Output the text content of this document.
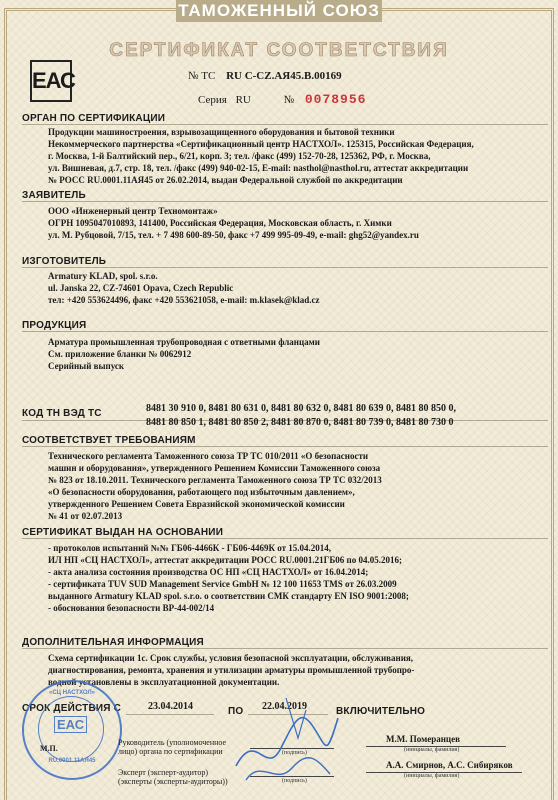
ТАМОЖЕННЫЙ СОЮЗ
СЕРТИФИКАТ СООТВЕТСТВИЯ
ЕАС	№ ТС RU C-CZ.АЯ45.В.00169
Серия RU	№ 0078956
ОРГАН ПО СЕРТИФИКАЦИИ
Продукции машиностроения, взрывозащищенного оборудования и бытовой техники
Некоммерческого партнерства «Сертификационный центр НАСТХОЛ». 125315, Российская Федерация,
г. Москва, 1-й Балтийский пер., 6/21, корп. 3; тел. /факс (499) 152-70-28, 125362, РФ, г. Москва,
ул. Вишневая, д.7, стр. 18, тел. /факс (499) 940-02-15, E-mail: nasthol@nasthol.ru, аттестат аккредитации
№ РОСС RU.0001.11АЯ45 от 26.02.2014, выдан Федеральной службой по аккредитации
ЗАЯВИТЕЛЬ
ООО «Инженерный центр Техномонтаж»
ОГРН 1095047010893, 141400, Российская Федерация, Московская область, г. Химки
ул. М. Рубцовой, 7/15, тел. + 7 498 600-89-50, факс +7 499 995-09-49, e-mail: ghg52@yandex.ru
ИЗГОТОВИТЕЛЬ
Armatury KLAD, spol. s.r.o.
ul. Janska 22, CZ-74601 Opava, Czech Republic
тел: +420 553624496, факс +420 553621058, e-mail: m.klasek@klad.cz
ПРОДУКЦИЯ
Арматура промышленная трубопроводная с ответными фланцами
См. приложение бланки № 0062912
Серийный выпуск
КОД ТН ВЭД ТС	8481 30 910 0, 8481 80 631 0, 8481 80 632 0, 8481 80 639 0, 8481 80 850 0,
8481 80 850 1, 8481 80 850 2, 8481 80 870 0, 8481 80 739 0, 8481 80 730 0
СООТВЕТСТВУЕТ ТРЕБОВАНИЯМ
Технического регламента Таможенного союза ТР ТС 010/2011 «О безопасности
машин и оборудования», утвержденного Решением Комиссии Таможенного союза
№ 823 от 18.10.2011. Технического регламента Таможенного союза ТР ТС 032/2013
«О безопасности оборудования, работающего под избыточным давлением»,
утвержденного Решением Совета Евразийской экономической комиссии
№ 41 от 02.07.2013
СЕРТИФИКАТ ВЫДАН НА ОСНОВАНИИ
- протоколов испытаний №№ ГБ06-4466К - ГБ06-4469К от 15.04.2014,
ИЛ НП «СЦ НАСТХОЛ», аттестат аккредитации РОСС RU.0001.21ГБ06 по 04.05.2016;
- акта анализа состояния производства ОС НП «СЦ НАСТХОЛ» от 16.04.2014;
- сертификата TUV SUD Management Service GmbH № 12 100 11653 TMS от 26.03.2009
выданного Armatury KLAD spol. s.r.o. о соответствии СМК стандарту EN ISO 9001:2008;
- обоснования безопасности ВР-44-002/14
ДОПОЛНИТЕЛЬНАЯ ИНФОРМАЦИЯ
Схема сертификации 1с. Срок службы, условия безопасной эксплуатации, обслуживания,
диагностирования, ремонта, хранения и утилизации арматуры промышленной трубопро-
водной установлены в эксплуатационной документации.
СРОК ДЕЙСТВИЯ С	23.04.2014	ПО 22.04.2019	ВКЛЮЧИТЕЛЬНО
«СЦ НАСТХОЛ»
ЕАС
RU.0001.11АЯ45
М.П.
Руководитель (уполномоченное
лицо) органа по сертификации	(подпись)
М.М. Померанцев
(инициалы, фамилия)
Эксперт (эксперт-аудитор)
(эксперты (эксперты-аудиторы))	(подпись)
А.А. Смирнов, А.С. Сибиряков
(инициалы, фамилия)
